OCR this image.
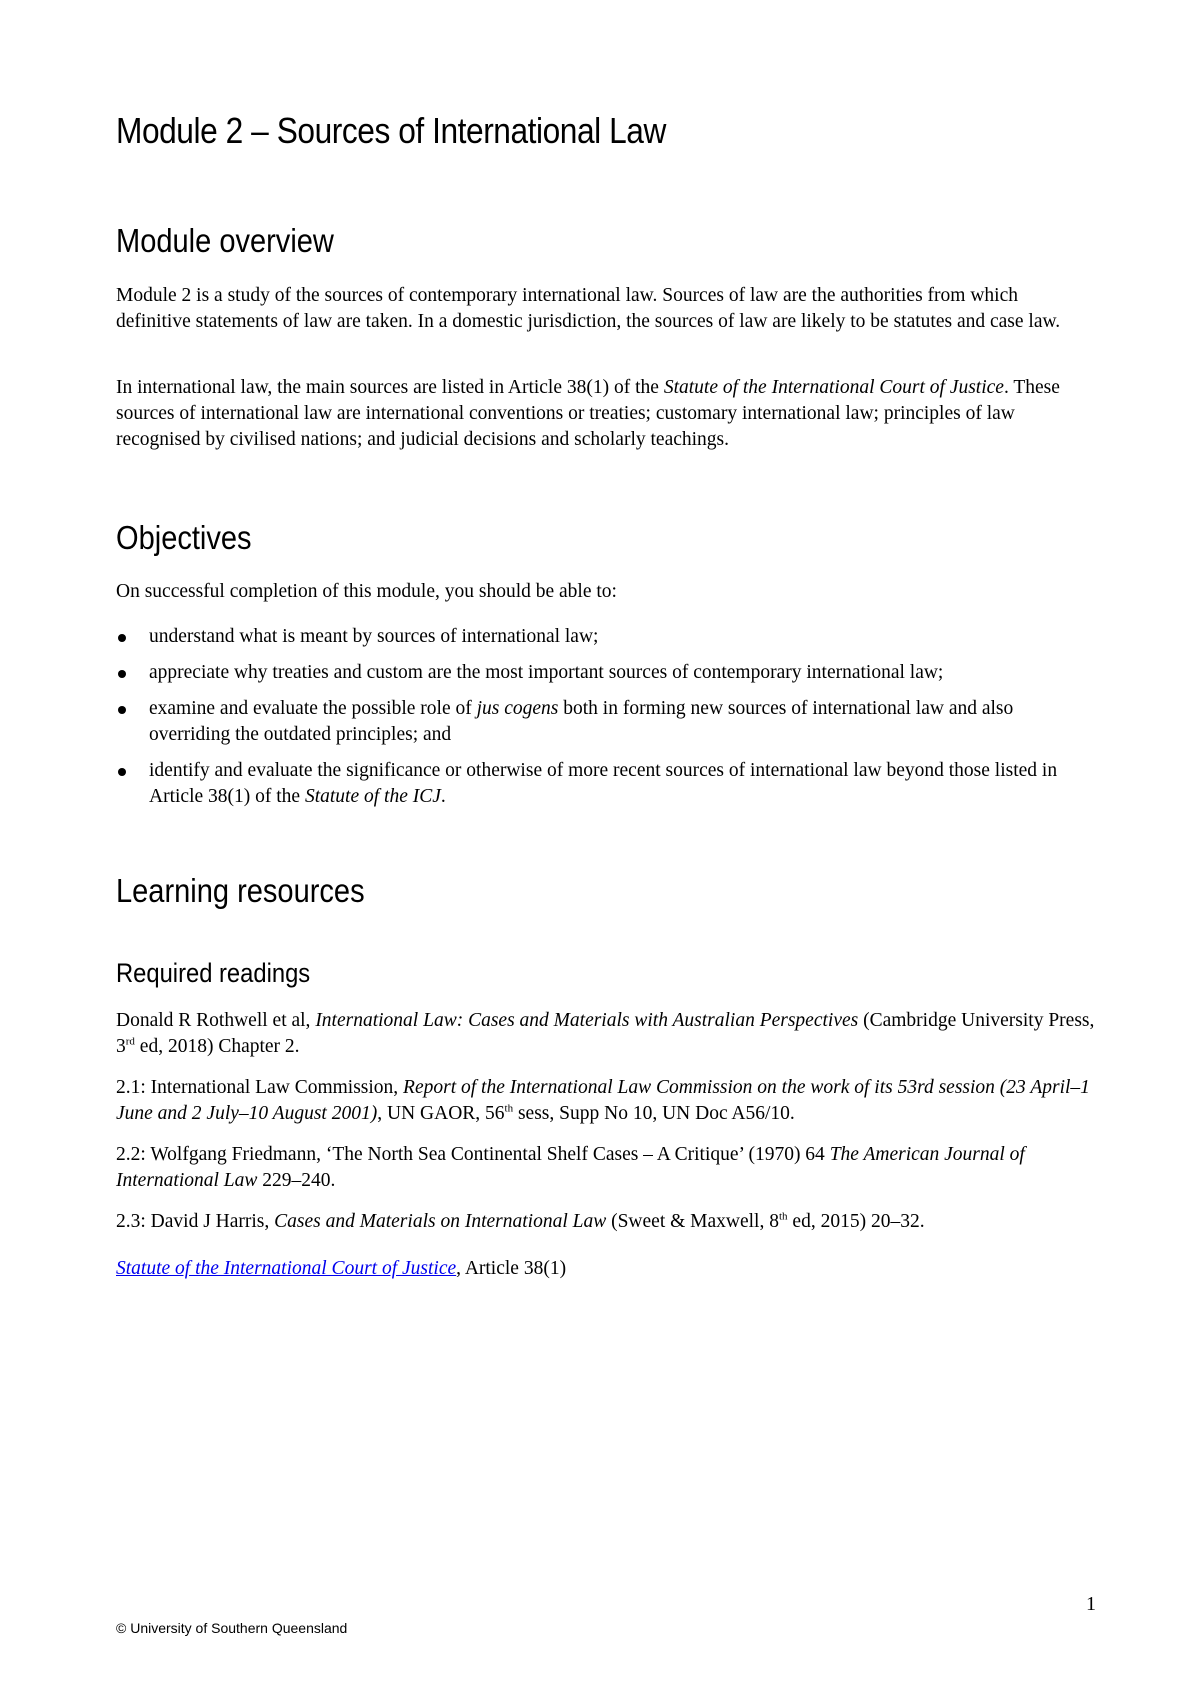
Module 2 – Sources of International Law
Module overview

Module 2 is a study of the sources of contemporary international law. Sources of law are the authorities from which definitive statements of law are taken. In a domestic jurisdiction, the sources of law are likely to be statutes and case law.

In international law, the main sources are listed in Article 38(1) of the Statute of the International Court of Justice. These sources of international law are international conventions or treaties; customary international law; principles of law recognised by civilised nations; and judicial decisions and scholarly teachings.

Objectives

On successful completion of this module, you should be able to:

understand what is meant by sources of international law;
appreciate why treaties and custom are the most important sources of contemporary international law;
examine and evaluate the possible role of jus cogens both in forming new sources of international law and also overriding the outdated principles; and
identify and evaluate the significance or otherwise of more recent sources of international law beyond those listed in Article 38(1) of the Statute of the ICJ.
Learning resources
Required readings

Donald R Rothwell et al, International Law: Cases and Materials with Australian Perspectives (Cambridge University Press, 3rd ed, 2018) Chapter 2.

2.1: International Law Commission, Report of the International Law Commission on the work of its 53rd session (23 April–1 June and 2 July–10 August 2001), UN GAOR, 56th sess, Supp No 10, UN Doc A56/10.

2.2: Wolfgang Friedmann, ‘The North Sea Continental Shelf Cases – A Critique’ (1970) 64 The American Journal of International Law 229–240.

2.3: David J Harris, Cases and Materials on International Law (Sweet & Maxwell, 8th ed, 2015) 20–32.

Statute of the International Court of Justice, Article 38(1)

1
© University of Southern Queensland
